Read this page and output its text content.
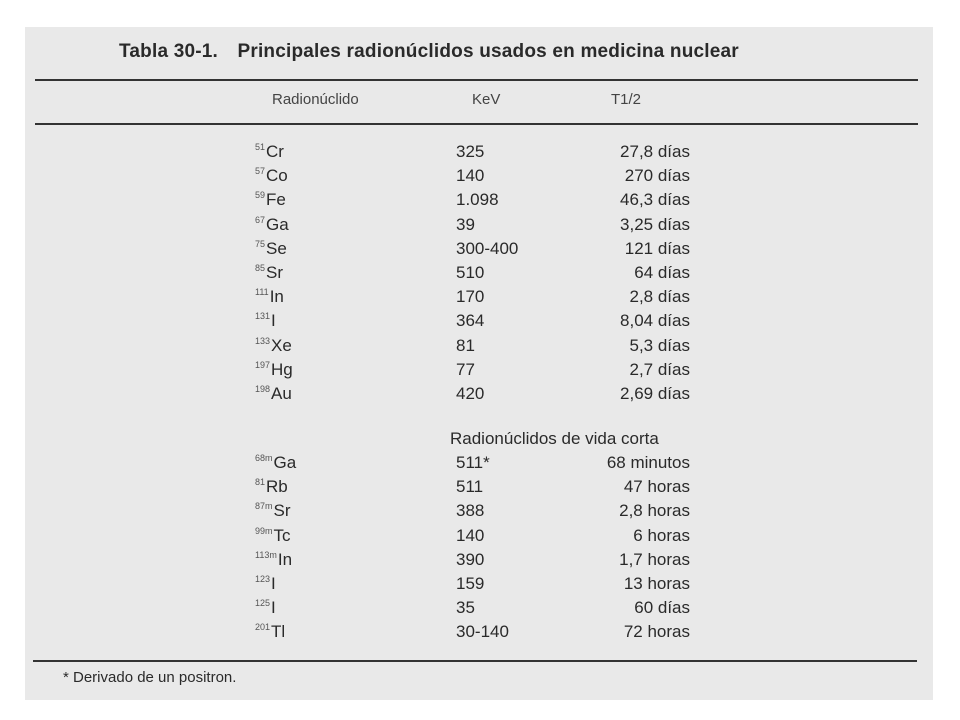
Tabla 30-1. Principales radionúclidos usados en medicina nuclear
Radionúclido	KeV	T1/2
$^{51}$Cr	325	27,8 días
$^{57}$Co	140	270 días
$^{59}$Fe	1.098	46,3 días
$^{67}$Ga	39	3,25 días
$^{75}$Se	300-400	121 días
$^{85}$Sr	510	64 días
$^{111}$In	170	2,8 días
$^{131}$I	364	8,04 días
$^{133}$Xe	81	5,3 días
$^{197}$Hg	77	2,7 días
$^{198}$Au	420	2,69 días
Radionúclidos de vida corta
$^{68m}$Ga	511*	68 minutos
$^{81}$Rb	511	47 horas
$^{87m}$Sr	388	2,8 horas
$^{99m}$Tc	140	6 horas
$^{113m}$In	390	1,7 horas
$^{123}$I	159	13 horas
$^{125}$I	35	60 días
$^{201}$Tl	30-140	72 horas
* Derivado de un positron.
